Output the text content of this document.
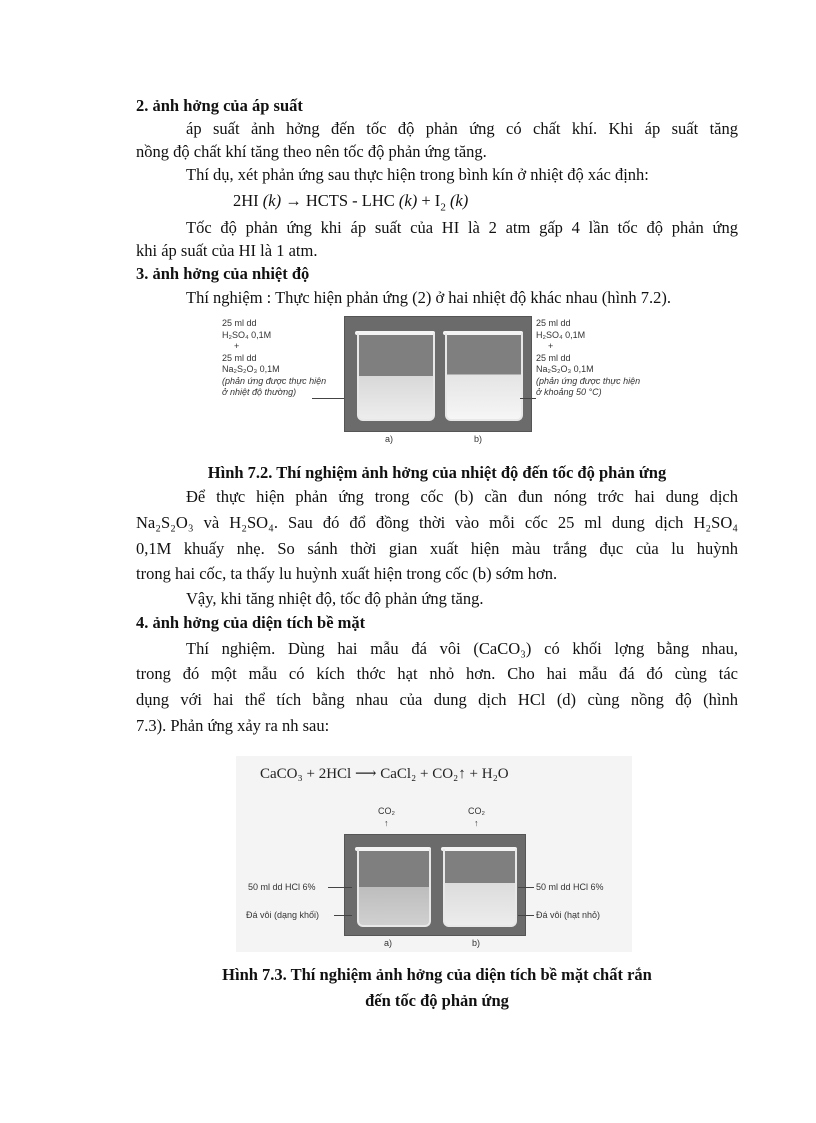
2. ảnh hởng của áp suất
áp suất ảnh hởng đến tốc độ phản ứng có chất khí. Khi áp suất tăng
nồng độ chất khí tăng theo nên tốc độ phản ứng tăng.
Thí dụ, xét phản ứng sau thực hiện trong bình kín ở nhiệt độ xác định:
2HI (k) → HCTS - LHC $(k) + I_2$ (k)
Tốc độ phản ứng khi áp suất của HI là 2 atm gấp 4 lần tốc độ phản ứng
khi áp suất của HI là 1 atm.
3. ảnh hởng của nhiệt độ
Thí nghiệm : Thực hiện phản ứng (2) ở hai nhiệt độ khác nhau (hình 7.2).
25 ml dd
H₂SO₄ 0,1M
+
25 ml dd
Na₂S₂O₃ 0,1M
(phản ứng được thực hiện
ở nhiệt độ thường)
a)	b)
25 ml dd
H₂SO₄ 0,1M
+
25 ml dd
Na₂S₂O₃ 0,1M
(phản ứng được thực hiện
ở khoảng 50 °C)
Hình 7.2. Thí nghiệm ảnh hởng của nhiệt độ đến tốc độ phản ứng
Để thực hiện phản ứng trong cốc (b) cần đun nóng trớc hai dung dịch
Na₂S₂O₃ và H₂SO₄. Sau đó đổ đồng thời vào mỗi cốc 25 ml dung dịch H₂SO₄
0,1M khuấy nhẹ. So sánh thời gian xuất hiện màu trắng đục của lu huỳnh
trong hai cốc, ta thấy lu huỳnh xuất hiện trong cốc (b) sớm hơn.
Vậy, khi tăng nhiệt độ, tốc độ phản ứng tăng.
4. ảnh hởng của diện tích bề mặt
Thí nghiệm. Dùng hai mẫu đá vôi (CaCO₃) có khối lợng bằng nhau,
trong đó một mẫu có kích thớc hạt nhỏ hơn. Cho hai mẫu đá đó cùng tác
dụng với hai thể tích bằng nhau của dung dịch HCl (d) cùng nồng độ (hình
7.3). Phản ứng xảy ra nh sau:
CaCO₃ + 2HCl ⟶ CaCl₂ + CO₂↑ + H₂O
CO₂
↑
CO₂
↑
50 ml dd HCl 6%
Đá vôi (dạng khối)
50 ml dd HCl 6%
Đá vôi (hạt nhỏ)
a)	b)
Hình 7.3. Thí nghiệm ảnh hởng của diện tích bề mặt chất rắn
đến tốc độ phản ứng
